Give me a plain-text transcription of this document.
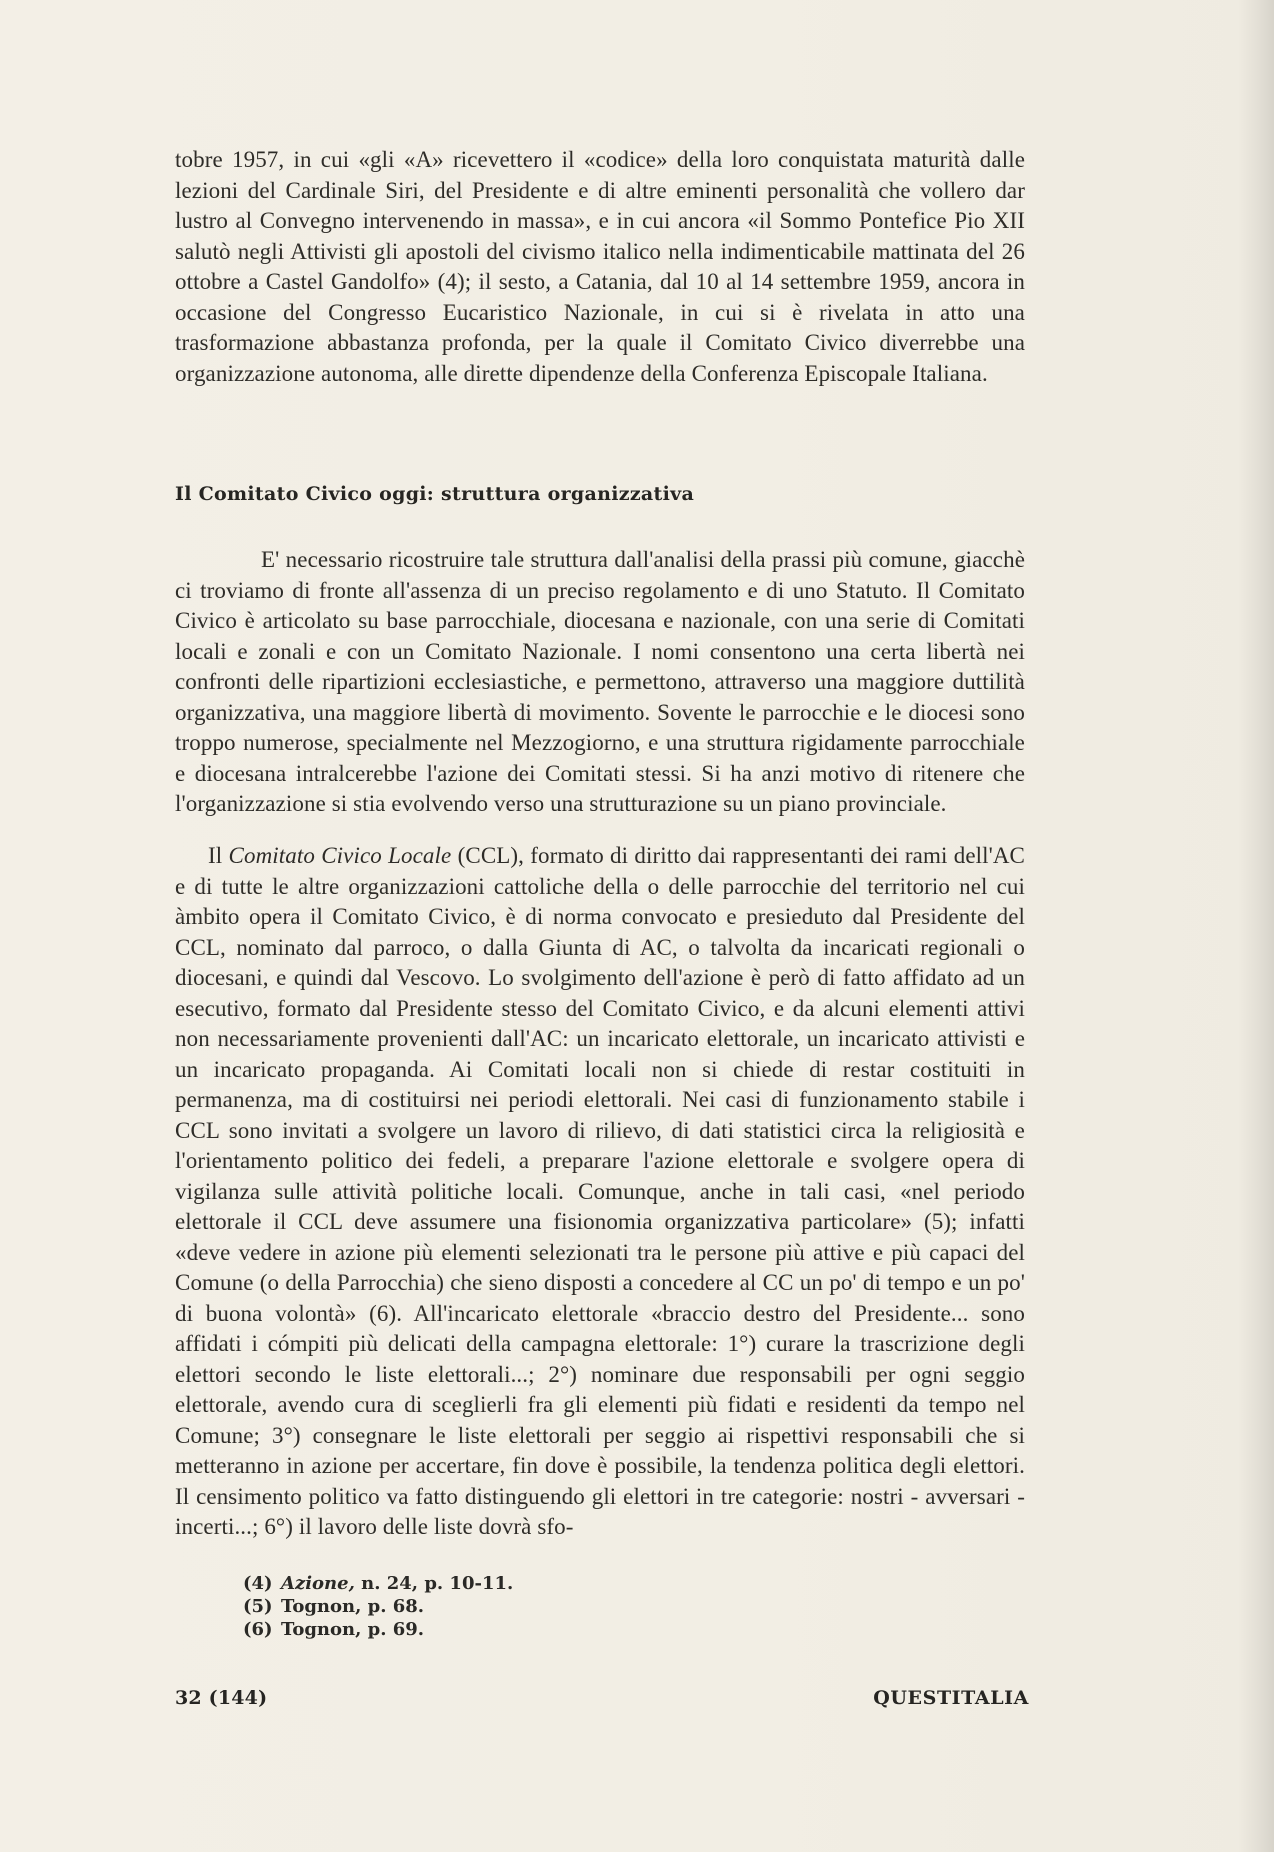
tobre 1957, in cui «gli «A» ricevettero il «codice» della loro conquistata maturità dalle lezioni del Cardinale Siri, del Presidente e di altre eminenti personalità che vollero dar lustro al Convegno intervenendo in massa», e in cui ancora «il Sommo Pontefice Pio XII salutò negli Attivisti gli apostoli del civismo italico nella indimenticabile mattinata del 26 ottobre a Castel Gandolfo» (4); il sesto, a Catania, dal 10 al 14 settembre 1959, ancora in occasione del Congresso Eucaristico Nazionale, in cui si è rivelata in atto una trasformazione abbastanza profonda, per la quale il Comitato Civico diverrebbe una organizzazione autonoma, alle dirette dipendenze della Conferenza Episcopale Italiana.

Il Comitato Civico oggi: struttura organizzativa

E' necessario ricostruire tale struttura dall'analisi della prassi più comune, giacchè ci troviamo di fronte all'assenza di un preciso regolamento e di uno Statuto. Il Comitato Civico è articolato su base parrocchiale, diocesana e nazionale, con una serie di Comitati locali e zonali e con un Comitato Nazionale. I nomi consentono una certa libertà nei confronti delle ripartizioni ecclesiastiche, e permettono, attraverso una maggiore duttilità organizzativa, una maggiore libertà di movimento. Sovente le parrocchie e le diocesi sono troppo numerose, specialmente nel Mezzogiorno, e una struttura rigidamente parrocchiale e diocesana intralcerebbe l'azione dei Comitati stessi. Si ha anzi motivo di ritenere che l'organizzazione si stia evolvendo verso una strutturazione su un piano provinciale.

Il Comitato Civico Locale (CCL), formato di diritto dai rappresentanti dei rami dell'AC e di tutte le altre organizzazioni cattoliche della o delle parrocchie del territorio nel cui àmbito opera il Comitato Civico, è di norma convocato e presieduto dal Presidente del CCL, nominato dal parroco, o dalla Giunta di AC, o talvolta da incaricati regionali o diocesani, e quindi dal Vescovo. Lo svolgimento dell'azione è però di fatto affidato ad un esecutivo, formato dal Presidente stesso del Comitato Civico, e da alcuni elementi attivi non necessariamente provenienti dall'AC: un incaricato elettorale, un incaricato attivisti e un incaricato propaganda. Ai Comitati locali non si chiede di restar costituiti in permanenza, ma di costituirsi nei periodi elettorali. Nei casi di funzionamento stabile i CCL sono invitati a svolgere un lavoro di rilievo, di dati statistici circa la religiosità e l'orientamento politico dei fedeli, a preparare l'azione elettorale e svolgere opera di vigilanza sulle attività politiche locali. Comunque, anche in tali casi, «nel periodo elettorale il CCL deve assumere una fisionomia organizzativa particolare» (5); infatti «deve vedere in azione più elementi selezionati tra le persone più attive e più capaci del Comune (o della Parrocchia) che sieno disposti a concedere al CC un po' di tempo e un po' di buona volontà» (6). All'incaricato elettorale «braccio destro del Presidente... sono affidati i cómpiti più delicati della campagna elettorale: 1°) curare la trascrizione degli elettori secondo le liste elettorali...; 2°) nominare due responsabili per ogni seggio elettorale, avendo cura di sceglierli fra gli elementi più fidati e residenti da tempo nel Comune; 3°) consegnare le liste elettorali per seggio ai rispettivi responsabili che si metteranno in azione per accertare, fin dove è possibile, la tendenza politica degli elettori. Il censimento politico va fatto distinguendo gli elettori in tre categorie: nostri - avversari - incerti...; 6°) il lavoro delle liste dovrà sfo-

(4) Azione, n. 24, p. 10-11.
(5) Tognon, p. 68.
(6) Tognon, p. 69.
32 (144)	QUESTITALIA
